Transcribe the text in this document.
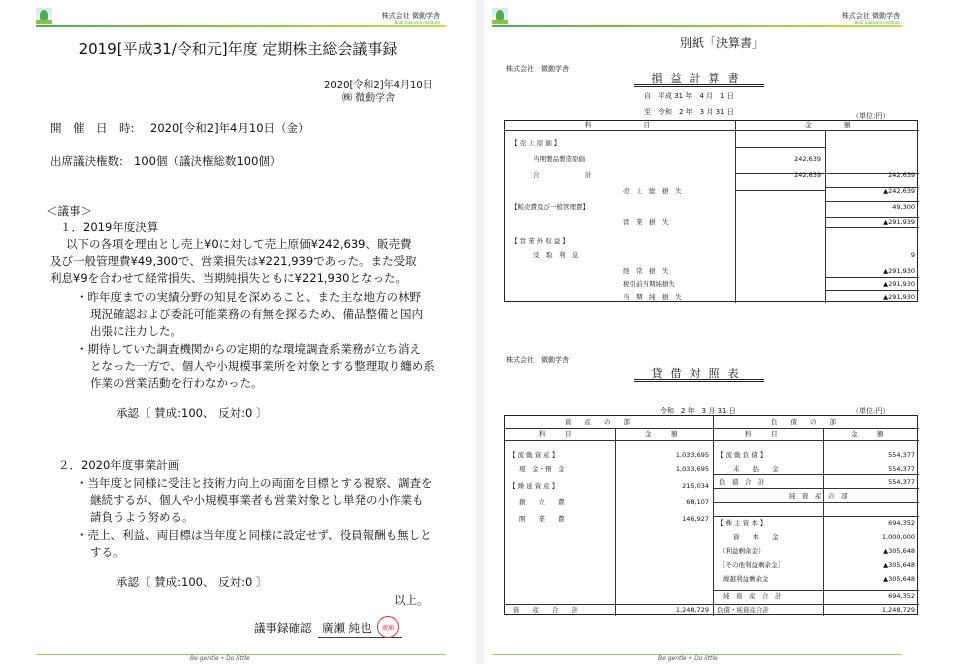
株式会社 微動学舎
Bidō Gakusha Institute
2019[平成31/令和元]年度 定期株主総会議事録
2020[令和2]年4月10日
㈱ 微動学舎
開　催　日　時: 2020[令和2]年4月10日（金）
出席議決権数: 100個（議決権総数100個）
＜議事＞
１．2019年度決算
以下の各項を理由とし売上¥0に対して売上原価¥242,639、販売費
及び一般管理費¥49,300で、営業損失は¥221,939であった。また受取
利息¥9を合わせて経常損失、当期純損失ともに¥221,930となった。
・昨年度までの実績分野の知見を深めること、また主な地方の林野
現況確認および委託可能業務の有無を探るため、備品整備と国内
出張に注力した。
・期待していた調査機関からの定期的な環境調査系業務が立ち消え
となった一方で、個人や小規模事業所を対象とする整理取り纏め系
作業の営業活動を行わなかった。
承認〔 賛成:100、 反対:0 〕
２．2020年度事業計画
・当年度と同様に受注と技術力向上の両面を目標とする視察、調査を
継続するが、個人や小規模事業者も営業対象とし単発の小作業も
請負うよう努める。
・売上、利益、両目標は当年度と同様に設定せず、役員報酬も無しと
する。
承認〔 賛成:100、 反対:0 〕
以上。
議事録確認 廣瀬 純也	廣瀬
Be gentle • Do little
株式会社 微動学舎
Bidō Gakusha Institute
別紙「決算書」
株式会社　微動学舎
損益計算書
自　平成 31 年　4 月　1 日
至　令和　2 年　3 月 31 日	（単位:円）
科　　　　　　　　目	金　　　　　額
【 売 上 原 価 】
当期製品製造原価	242,639
合　　　　　　　計	242,639	242,639
売　上　総　損　失	▲242,639
【販売費及び一般管理費】	49,300
営　業　損　失	▲291,939
【 営 業 外 収 益 】
受　取　利　息	9
経　常　損　失	▲291,930
税引前当期純損失	▲291,930
当　期　純　損　失	▲291,930
株式会社　微動学舎
貸借対照表
令和　2 年　3 月 31 日	（単位:円）
資　　産　　の　　部	負　　債　　の　　部
科　　　目	金　　　額	科　　　目	金　　　額
【 流 動 資 産 】	1,033,695
現　金・預　金	1,033,695
【 繰 延 資 産 】	215,034
創　　立　　費	68,107
開　　業　　費	146,927
【 流 動 負 債 】	554,377
未　　払　　金	554,377
負　債　合　計	554,377
純　資　産　の　部
【 株 主 資 本 】	694,352
資　　本　　金	1,000,000
（利益剰余金）	▲305,648
［その他利益剰余金］	▲305,648
繰越利益剰余金	▲305,648
純　資　産　合　計	694,352
資　　産　　合　　計	1,248,729 負債・純資産合計	1,248,729
Be gentle • Do little
